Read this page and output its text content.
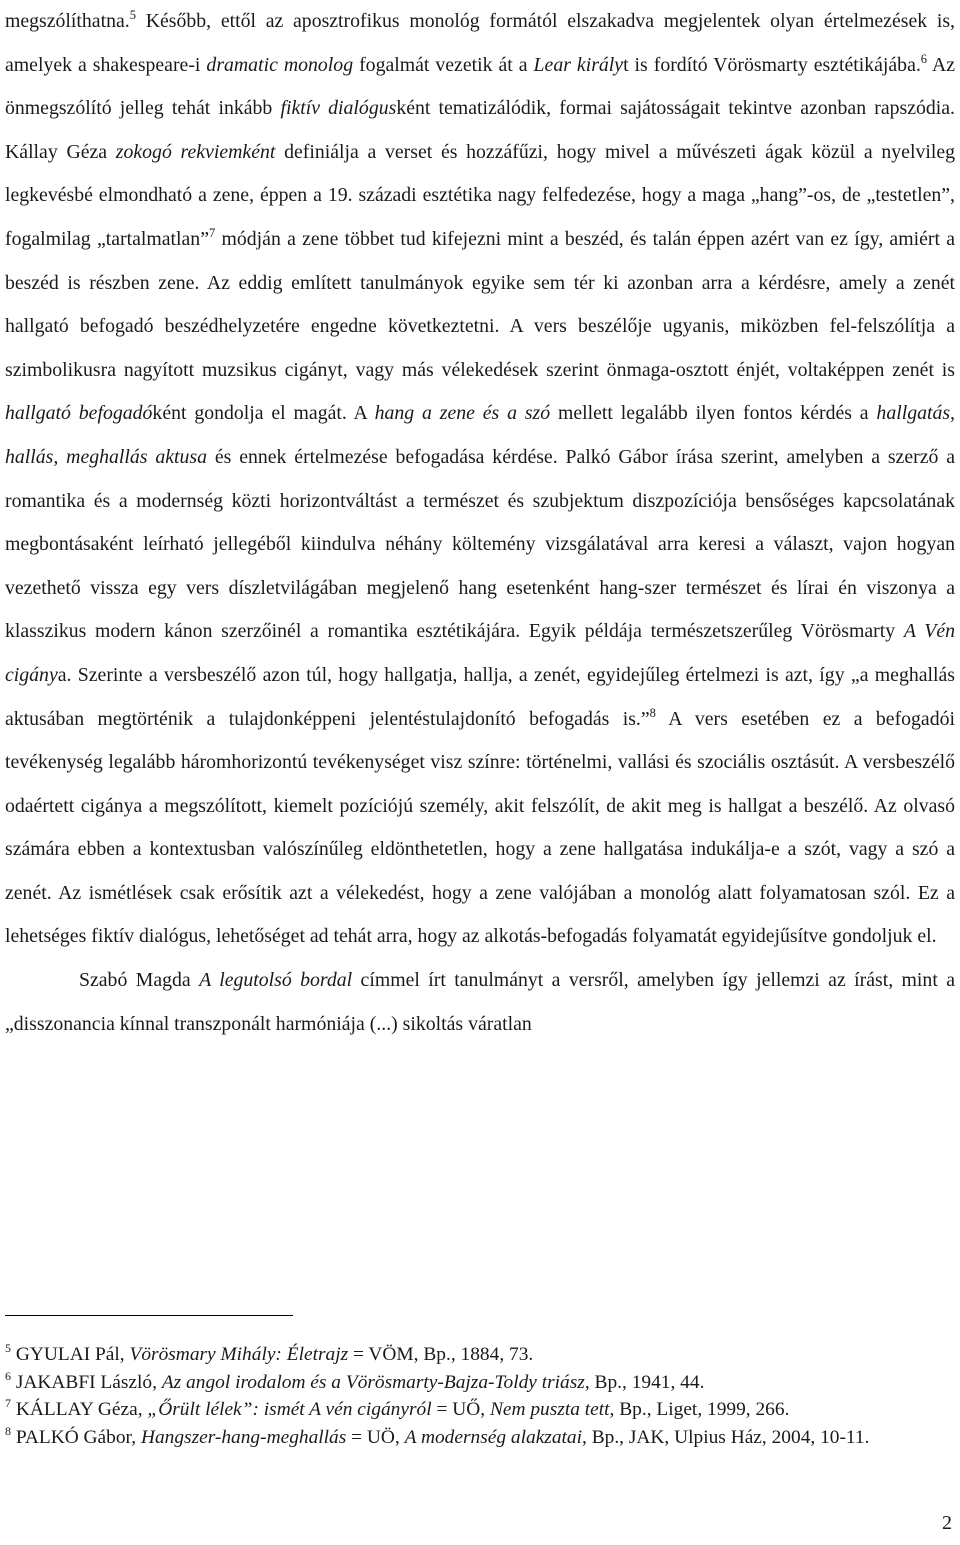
megszólíthatna.$^5$ Később, ettől az aposztrofikus monológ formától elszakadva megjelentek olyan értelmezések is, amelyek a shakespeare-i dramatic monolog fogalmát vezetik át a Lear királyt is fordító Vörösmarty esztétikájába.$^6$ Az önmegszólító jelleg tehát inkább fiktív dialógusként tematizálódik, formai sajátosságait tekintve azonban rapszódia. Kállay Géza zokogó rekviemként definiálja a verset és hozzáfűzi, hogy mivel a művészeti ágak közül a nyelvileg legkevésbé elmondható a zene, éppen a 19. századi esztétika nagy felfedezése, hogy a maga „hang”-os, de „testetlen”, fogalmilag „tartalmatlan”$^7$ módján a zene többet tud kifejezni mint a beszéd, és talán éppen azért van ez így, amiért a beszéd is részben zene. Az eddig említett tanulmányok egyike sem tér ki azonban arra a kérdésre, amely a zenét hallgató befogadó beszédhelyzetére engedne következtetni. A vers beszélője ugyanis, miközben fel-felszólítja a szimbolikusra nagyított muzsikus cigányt, vagy más vélekedések szerint önmaga-osztott énjét, voltaképpen zenét is hallgató befogadóként gondolja el magát. A hang a zene és a szó mellett legalább ilyen fontos kérdés a hallgatás, hallás, meghallás aktusa és ennek értelmezése befogadása kérdése. Palkó Gábor írása szerint, amelyben a szerző a romantika és a modernség közti horizontváltást a természet és szubjektum diszpozíciója bensőséges kapcsolatának megbontásaként leírható jellegéből kiindulva néhány költemény vizsgálatával arra keresi a választ, vajon hogyan vezethető vissza egy vers díszletvilágában megjelenő hang esetenként hang-szer természet és lírai én viszonya a klasszikus modern kánon szerzőinél a romantika esztétikájára. Egyik példája természetszerűleg Vörösmarty A Vén cigánya. Szerinte a versbeszélő azon túl, hogy hallgatja, hallja, a zenét, egyidejűleg értelmezi is azt, így „a meghallás aktusában megtörténik a tulajdonképpeni jelentéstulajdonító befogadás is.”$^8$ A vers esetében ez a befogadói tevékenység legalább háromhorizontú tevékenységet visz színre: történelmi, vallási és szociális osztásút. A versbeszélő odaértett cigánya a megszólított, kiemelt pozíciójú személy, akit felszólít, de akit meg is hallgat a beszélő. Az olvasó számára ebben a kontextusban valószínűleg eldönthetetlen, hogy a zene hallgatása indukálja-e a szót, vagy a szó a zenét. Az ismétlések csak erősítik azt a vélekedést, hogy a zene valójában a monológ alatt folyamatosan szól. Ez a lehetséges fiktív dialógus, lehetőséget ad tehát arra, hogy az alkotás-befogadás folyamatát egyidejűsítve gondoljuk el.

Szabó Magda A legutolsó bordal címmel írt tanulmányt a versről, amelyben így jellemzi az írást, mint a „disszonancia kínnal transzponált harmóniája (...) sikoltás váratlan

$^5$ GYULAI Pál, Vörösmary Mihály: Életrajz = VÖM, Bp., 1884, 73.

$^6$ JAKABFI László, Az angol irodalom és a Vörösmarty-Bajza-Toldy triász, Bp., 1941, 44.

$^7$ KÁLLAY Géza, „Őrült lélek”: ismét A vén cigányról = UŐ, Nem puszta tett, Bp., Liget, 1999, 266.

$^8$ PALKÓ Gábor, Hangszer-hang-meghallás = UÖ, A modernség alakzatai, Bp., JAK, Ulpius Ház, 2004, 10-11.

2
